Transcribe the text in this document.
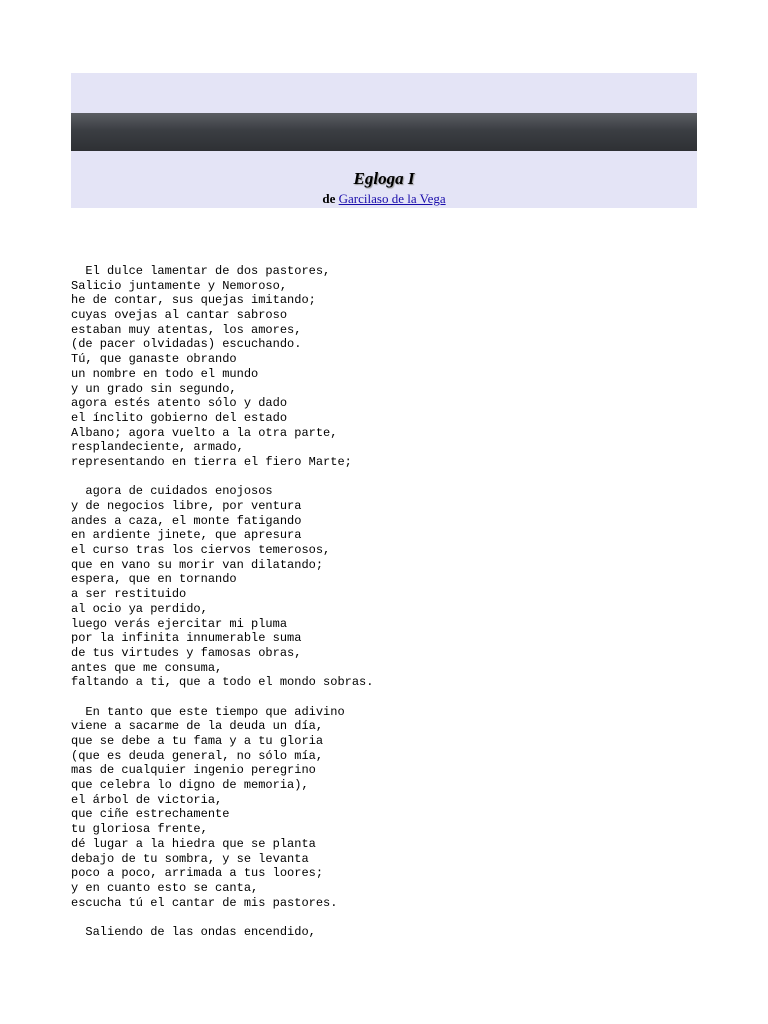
Egloga I
de Garcilaso de la Vega
El dulce lamentar de dos pastores,
Salicio juntamente y Nemoroso,
he de contar, sus quejas imitando;
cuyas ovejas al cantar sabroso
estaban muy atentas, los amores,
(de pacer olvidadas) escuchando.
Tú, que ganaste obrando
un nombre en todo el mundo
y un grado sin segundo,
agora estés atento sólo y dado
el ínclito gobierno del estado
Albano; agora vuelto a la otra parte,
resplandeciente, armado,
representando en tierra el fiero Marte;
agora de cuidados enojosos
y de negocios libre, por ventura
andes a caza, el monte fatigando
en ardiente jinete, que apresura
el curso tras los ciervos temerosos,
que en vano su morir van dilatando;
espera, que en tornando
a ser restituido
al ocio ya perdido,
luego verás ejercitar mi pluma
por la infinita innumerable suma
de tus virtudes y famosas obras,
antes que me consuma,
faltando a ti, que a todo el mondo sobras.
En tanto que este tiempo que adivino
viene a sacarme de la deuda un día,
que se debe a tu fama y a tu gloria
(que es deuda general, no sólo mía,
mas de cualquier ingenio peregrino
que celebra lo digno de memoria),
el árbol de victoria,
que ciñe estrechamente
tu gloriosa frente,
dé lugar a la hiedra que se planta
debajo de tu sombra, y se levanta
poco a poco, arrimada a tus loores;
y en cuanto esto se canta,
escucha tú el cantar de mis pastores.
Saliendo de las ondas encendido,
